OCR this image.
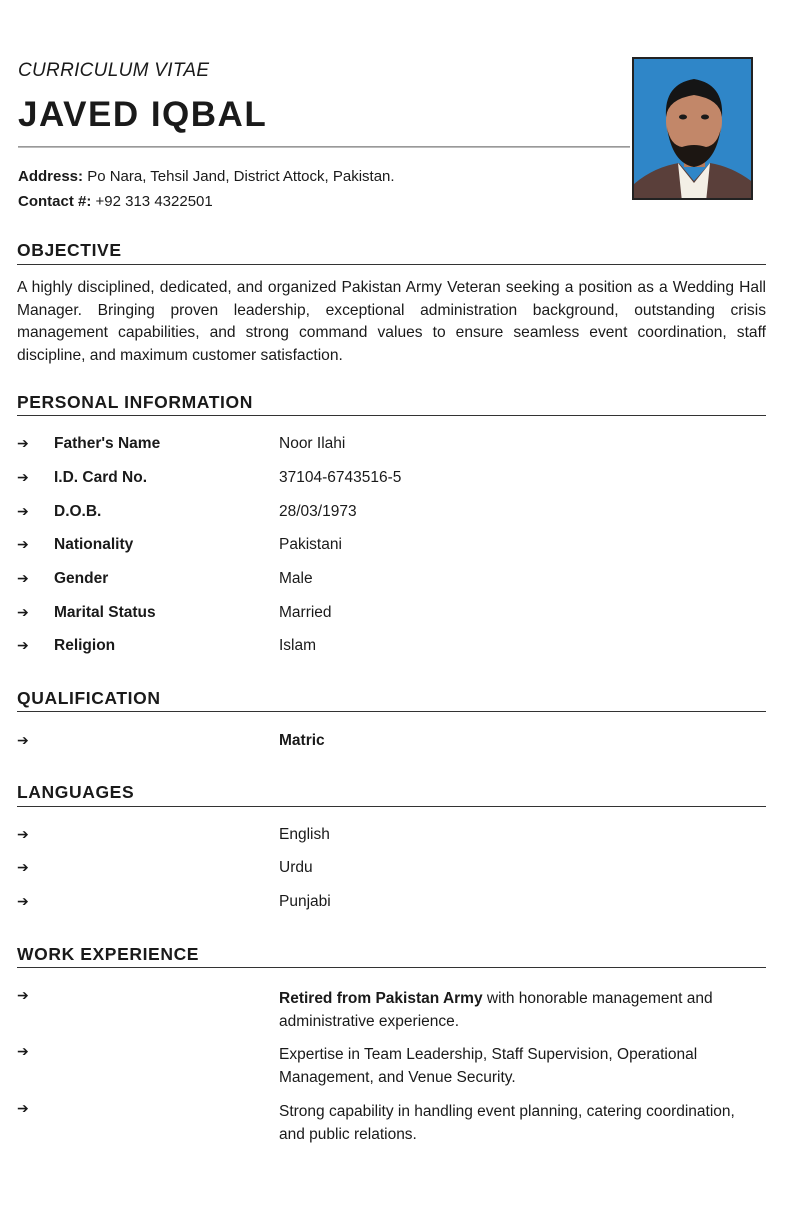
CURRICULUM VITAE
JAVED IQBAL
Address: Po Nara, Tehsil Jand, District Attock, Pakistan.
Contact #: +92 313 4322501
OBJECTIVE
A highly disciplined, dedicated, and organized Pakistan Army Veteran seeking a position as a Wedding Hall Manager. Bringing proven leadership, exceptional administration background, outstanding crisis management capabilities, and strong command values to ensure seamless event coordination, staff discipline, and maximum customer satisfaction.
PERSONAL INFORMATION
➔ Father's Name	Noor Ilahi
➔ I.D. Card No.	37104-6743516-5
➔ D.O.B.	28/03/1973
➔ Nationality	Pakistani
➔ Gender	Male
➔ Marital Status	Married
➔ Religion	Islam
QUALIFICATION
➔	Matric
LANGUAGES
➔	English
➔	Urdu
➔	Punjabi
WORK EXPERIENCE
➔	Retired from Pakistan Army with honorable management and administrative experience.
➔	Expertise in Team Leadership, Staff Supervision, Operational Management, and Venue Security.
➔	Strong capability in handling event planning, catering coordination, and public relations.
